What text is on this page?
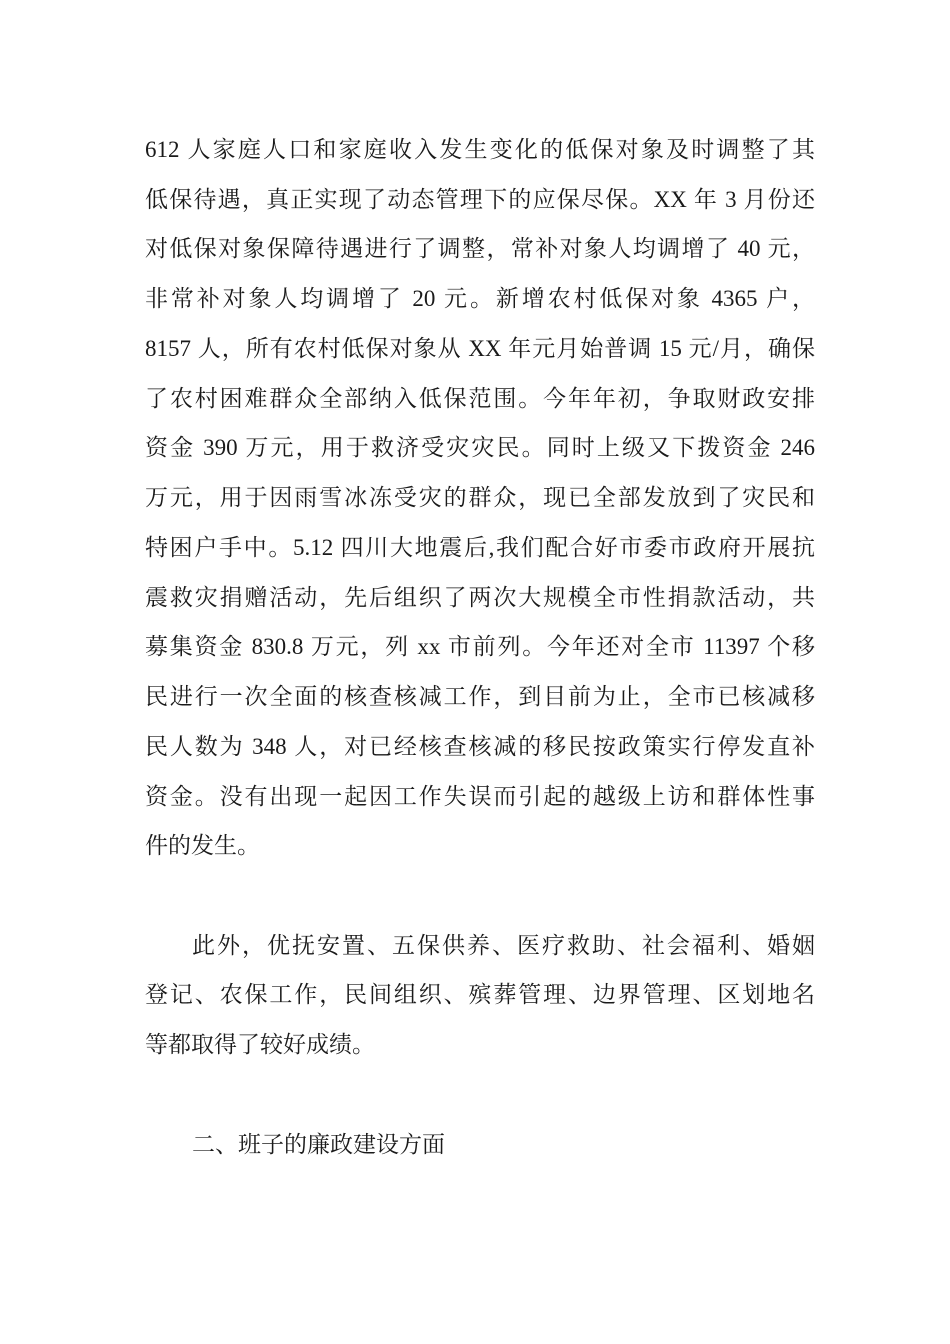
612 人家庭人口和家庭收入发生变化的低保对象及时调整了其
低保待遇，真正实现了动态管理下的应保尽保。XX 年 3 月份还
对低保对象保障待遇进行了调整，常补对象人均调增了 40 元，
非常补对象人均调增了 20 元。新增农村低保对象 4365 户，
8157 人，所有农村低保对象从 XX 年元月始普调 15 元/月，确保
了农村困难群众全部纳入低保范围。今年年初，争取财政安排
资金 390 万元，用于救济受灾灾民。同时上级又下拨资金 246
万元，用于因雨雪冰冻受灾的群众，现已全部发放到了灾民和
特困户手中。5.12 四川大地震后,我们配合好市委市政府开展抗
震救灾捐赠活动，先后组织了两次大规模全市性捐款活动，共
募集资金 830.8 万元，列 xx 市前列。今年还对全市 11397 个移
民进行一次全面的核查核减工作，到目前为止，全市已核减移
民人数为 348 人，对已经核查核减的移民按政策实行停发直补
资金。没有出现一起因工作失误而引起的越级上访和群体性事
件的发生。
此外，优抚安置、五保供养、医疗救助、社会福利、婚姻
登记、农保工作，民间组织、殡葬管理、边界管理、区划地名
等都取得了较好成绩。
二、班子的廉政建设方面
